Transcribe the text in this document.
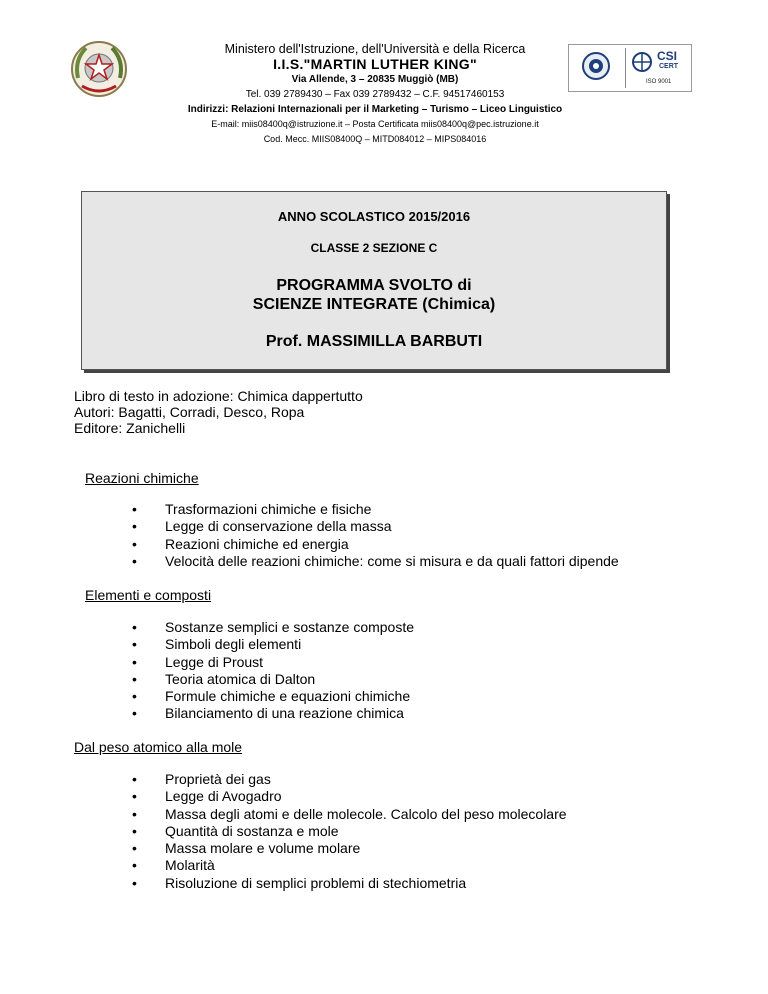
Ministero dell'Istruzione, dell'Università e della Ricerca
I.I.S."MARTIN LUTHER KING"
Via Allende, 3 – 20835 Muggiò (MB)
Tel. 039 2789430 – Fax 039 2789432 – C.F. 94517460153
Indirizzi: Relazioni Internazionali per il Marketing – Turismo – Liceo Linguistico
E-mail: miis08400q@istruzione.it – Posta Certificata miis08400q@pec.istruzione.it
Cod. Mecc. MIIS08400Q – MITD084012 – MIPS084016
CSI
CERT
ISO 9001
ANNO SCOLASTICO 2015/2016
CLASSE 2 SEZIONE C
PROGRAMMA SVOLTO di
SCIENZE INTEGRATE (Chimica)
Prof. MASSIMILLA BARBUTI
Libro di testo in adozione: Chimica dappertutto
Autori: Bagatti, Corradi, Desco, Ropa
Editore: Zanichelli
Reazioni chimiche
• Trasformazioni chimiche e fisiche
• Legge di conservazione della massa
• Reazioni chimiche ed energia
• Velocità delle reazioni chimiche: come si misura e da quali fattori dipende
Elementi e composti
• Sostanze semplici e sostanze composte
• Simboli degli elementi
• Legge di Proust
• Teoria atomica di Dalton
• Formule chimiche e equazioni chimiche
• Bilanciamento di una reazione chimica
Dal peso atomico alla mole
• Proprietà dei gas
• Legge di Avogadro
• Massa degli atomi e delle molecole. Calcolo del peso molecolare
• Quantità di sostanza e mole
• Massa molare e volume molare
• Molarità
• Risoluzione di semplici problemi di stechiometria
